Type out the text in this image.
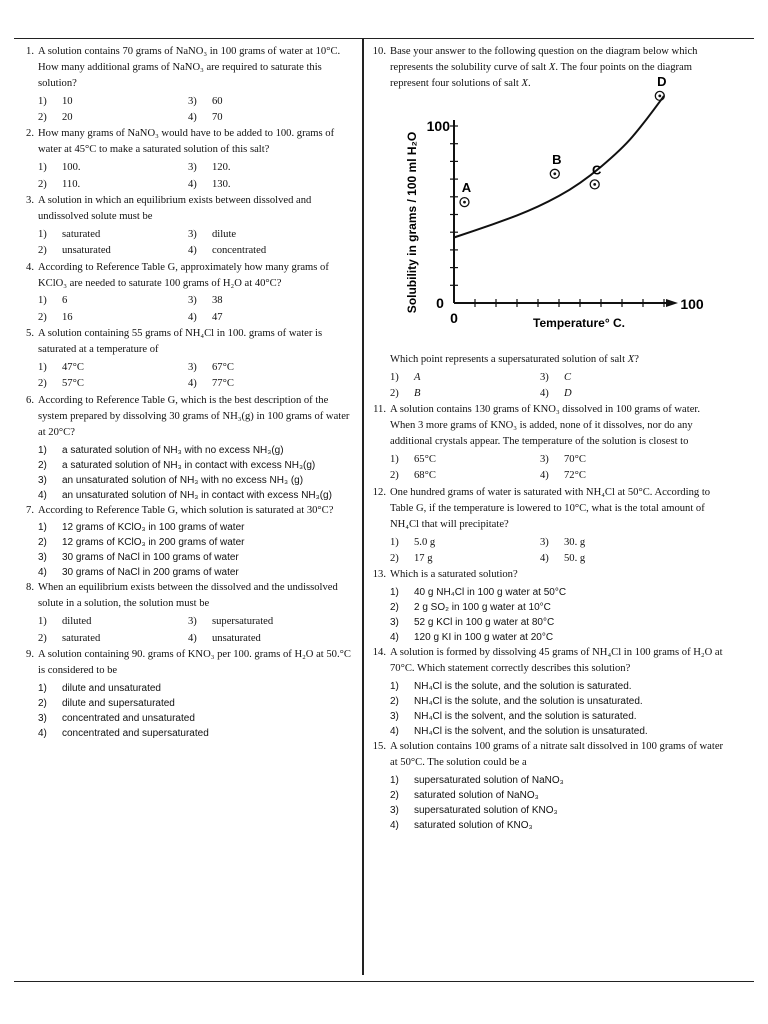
1. A solution contains 70 grams of NaNO₃ in 100 grams of water at 10°C. How many additional grams of NaNO₃ are required to saturate this solution?
1)	10	3)	60
2)	20	4)	70
2. How many grams of NaNO₃ would have to be added to 100. grams of water at 45°C to make a saturated solution of this salt?
1)	100.	3)	120.
2)	110.	4)	130.
3. A solution in which an equilibrium exists between dissolved and undissolved solute must be
1)	saturated	3)	dilute
2)	unsaturated	4)	concentrated
4. According to Reference Table G, approximately how many grams of KClO₃ are needed to saturate 100 grams of H₂O at 40°C?
1)	6	3)	38
2)	16	4)	47
5. A solution containing 55 grams of NH₄Cl in 100. grams of water is saturated at a temperature of
1)	47°C	3)	67°C
2)	57°C	4)	77°C
6. According to Reference Table G, which is the best description of the system prepared by dissolving 30 grams of NH₃(g) in 100 grams of water at 20°C?
1)	a saturated solution of NH₃ with no excess NH₃(g)
2)	a saturated solution of NH₃ in contact with excess NH₃(g)
3)	an unsaturated solution of NH₃ with no excess NH₃ (g)
4)	an unsaturated solution of NH₃ in contact with excess NH₃(g)
7. According to Reference Table G, which solution is saturated at 30°C?
1)	12 grams of KClO₃ in 100 grams of water
2)	12 grams of KClO₃ in 200 grams of water
3)	30 grams of NaCl in 100 grams of water
4)	30 grams of NaCl in 200 grams of water
8. When an equilibrium exists between the dissolved and the undissolved solute in a solution, the solution must be
1)	diluted	3)	supersaturated
2)	saturated	4)	unsaturated
9. A solution containing 90. grams of KNO₃ per 100. grams of H₂O at 50.°C is considered to be
1)	dilute and unsaturated
2)	dilute and supersaturated
3)	concentrated and unsaturated
4)	concentrated and supersaturated
10. Base your answer to the following question on the diagram below which represents the solubility curve of salt X. The four points on the diagram represent four solutions of salt X.
0
100
0
100
Temperature° C.
Solubility in grams / 100 ml H₂O	A
B
C
D
Which point represents a supersaturated solution of salt X?
1)	A	3)	C
2)	B	4)	D
11. A solution contains 130 grams of KNO₃ dissolved in 100 grams of water. When 3 more grams of KNO₃ is added, none of it dissolves, nor do any additional crystals appear. The temperature of the solution is closest to
1)	65°C	3)	70°C
2)	68°C	4)	72°C
12. One hundred grams of water is saturated with NH₄Cl at 50°C. According to Table G, if the temperature is lowered to 10°C, what is the total amount of NH₄Cl that will precipitate?
1)	5.0 g	3)	30. g
2)	17 g	4)	50. g
13. Which is a saturated solution?
1)	40 g NH₄Cl in 100 g water at 50°C
2)	2 g SO₂ in 100 g water at 10°C
3)	52 g KCl in 100 g water at 80°C
4)	120 g KI in 100 g water at 20°C
14. A solution is formed by dissolving 45 grams of NH₄Cl in 100 grams of H₂O at 70°C. Which statement correctly describes this solution?
1)	NH₄Cl is the solute, and the solution is saturated.
2)	NH₄Cl is the solute, and the solution is unsaturated.
3)	NH₄Cl is the solvent, and the solution is saturated.
4)	NH₄Cl is the solvent, and the solution is unsaturated.
15. A solution contains 100 grams of a nitrate salt dissolved in 100 grams of water at 50°C. The solution could be a
1)	supersaturated solution of NaNO₃
2)	saturated solution of NaNO₃
3)	supersaturated solution of KNO₃
4)	saturated solution of KNO₃
